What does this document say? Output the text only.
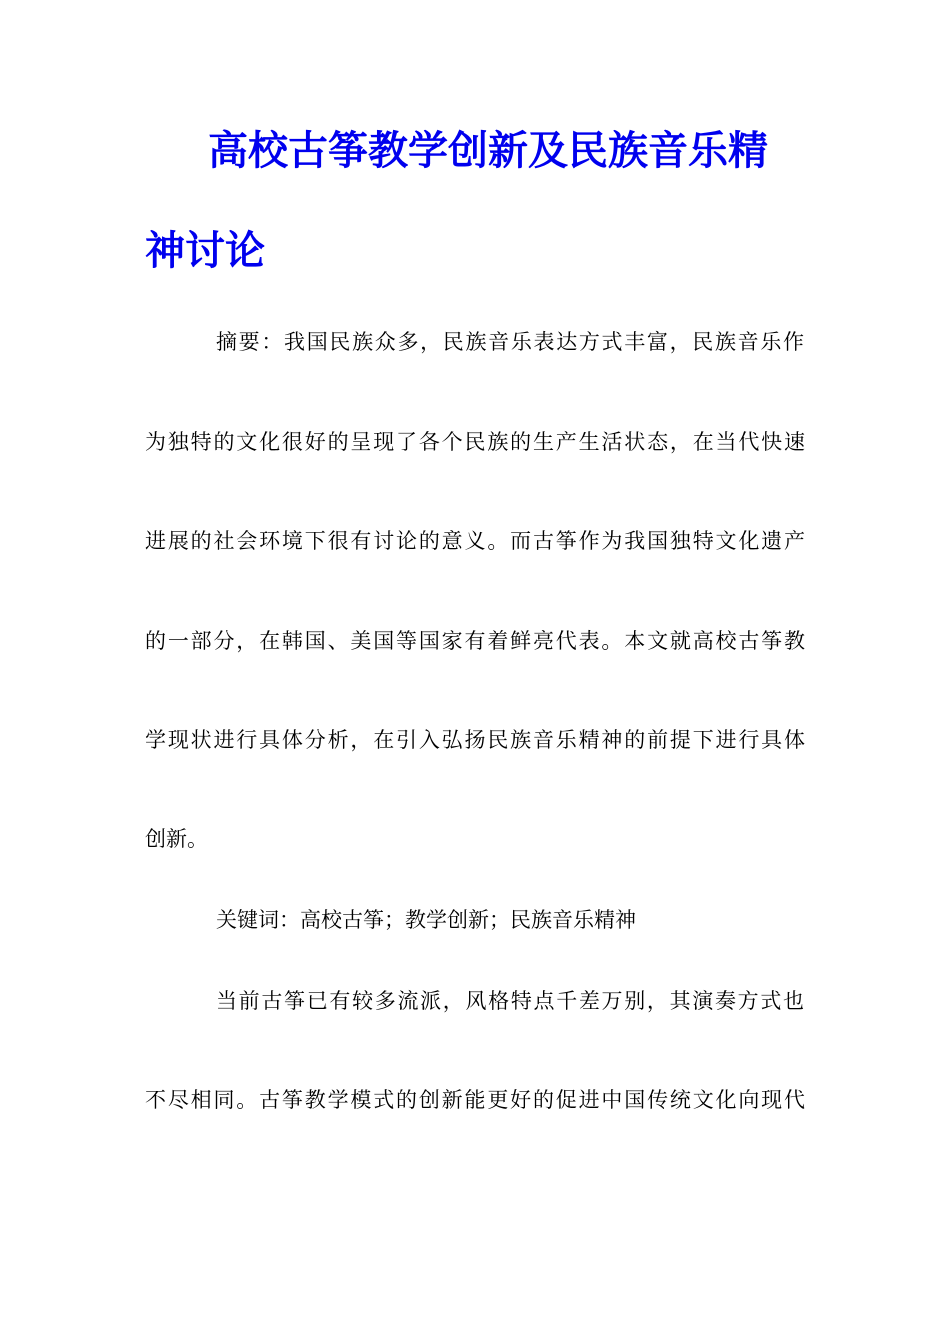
高校古筝教学创新及民族音乐精
神讨论

摘要：我国民族众多，民族音乐表达方式丰富，民族音乐作

为独特的文化很好的呈现了各个民族的生产生活状态，在当代快速

进展的社会环境下很有讨论的意义。而古筝作为我国独特文化遗产

的一部分，在韩国、美国等国家有着鲜亮代表。本文就高校古筝教

学现状进行具体分析，在引入弘扬民族音乐精神的前提下进行具体

创新。

关键词：高校古筝；教学创新；民族音乐精神

当前古筝已有较多流派，风格特点千差万别，其演奏方式也

不尽相同。古筝教学模式的创新能更好的促进中国传统文化向现代
